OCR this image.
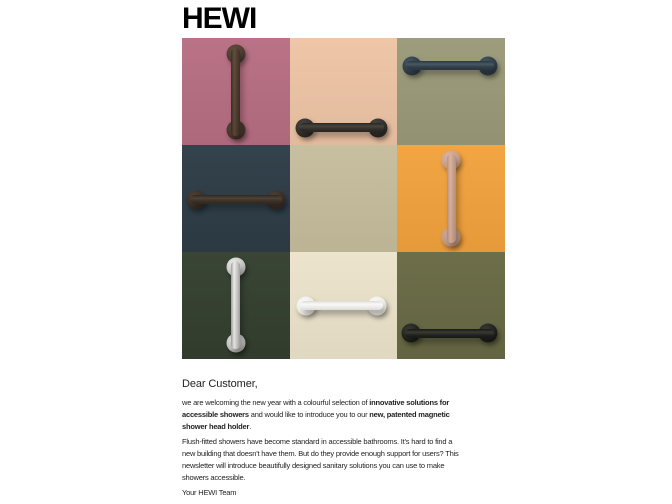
HEWI
Dear Customer,
we are welcoming the new year with a colourful selection of innovative solutions for
accessible showers and would like to introduce you to our new, patented magnetic
shower head holder.
Flush-fitted showers have become standard in accessible bathrooms. It's hard to find a
new building that doesn't have them. But do they provide enough support for users? This
newsletter will introduce beautifully designed sanitary solutions you can use to make
showers accessible.
Your HEWI Team
